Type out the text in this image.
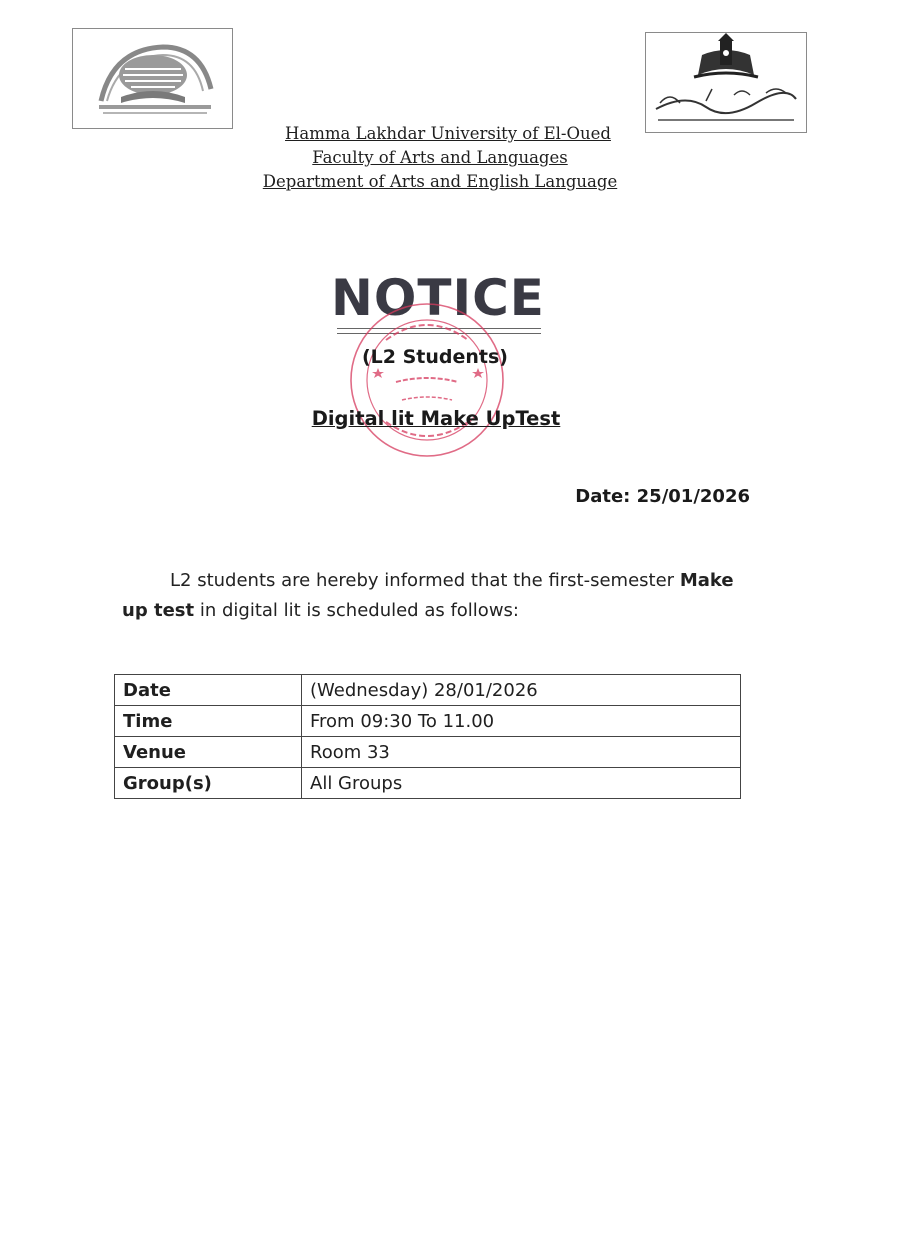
Hamma Lakhdar University of El-Oued
Faculty of Arts and Languages
Department of Arts and English Language
NOTICE
(L2 Students)
Digital lit Make UpTest
Date: 25/01/2026
L2 students are hereby informed that the first-semester Make up test in digital lit is scheduled as follows:
Date	(Wednesday) 28/01/2026
Time	From 09:30 To 11.00
Venue	Room 33
Group(s)	All Groups
